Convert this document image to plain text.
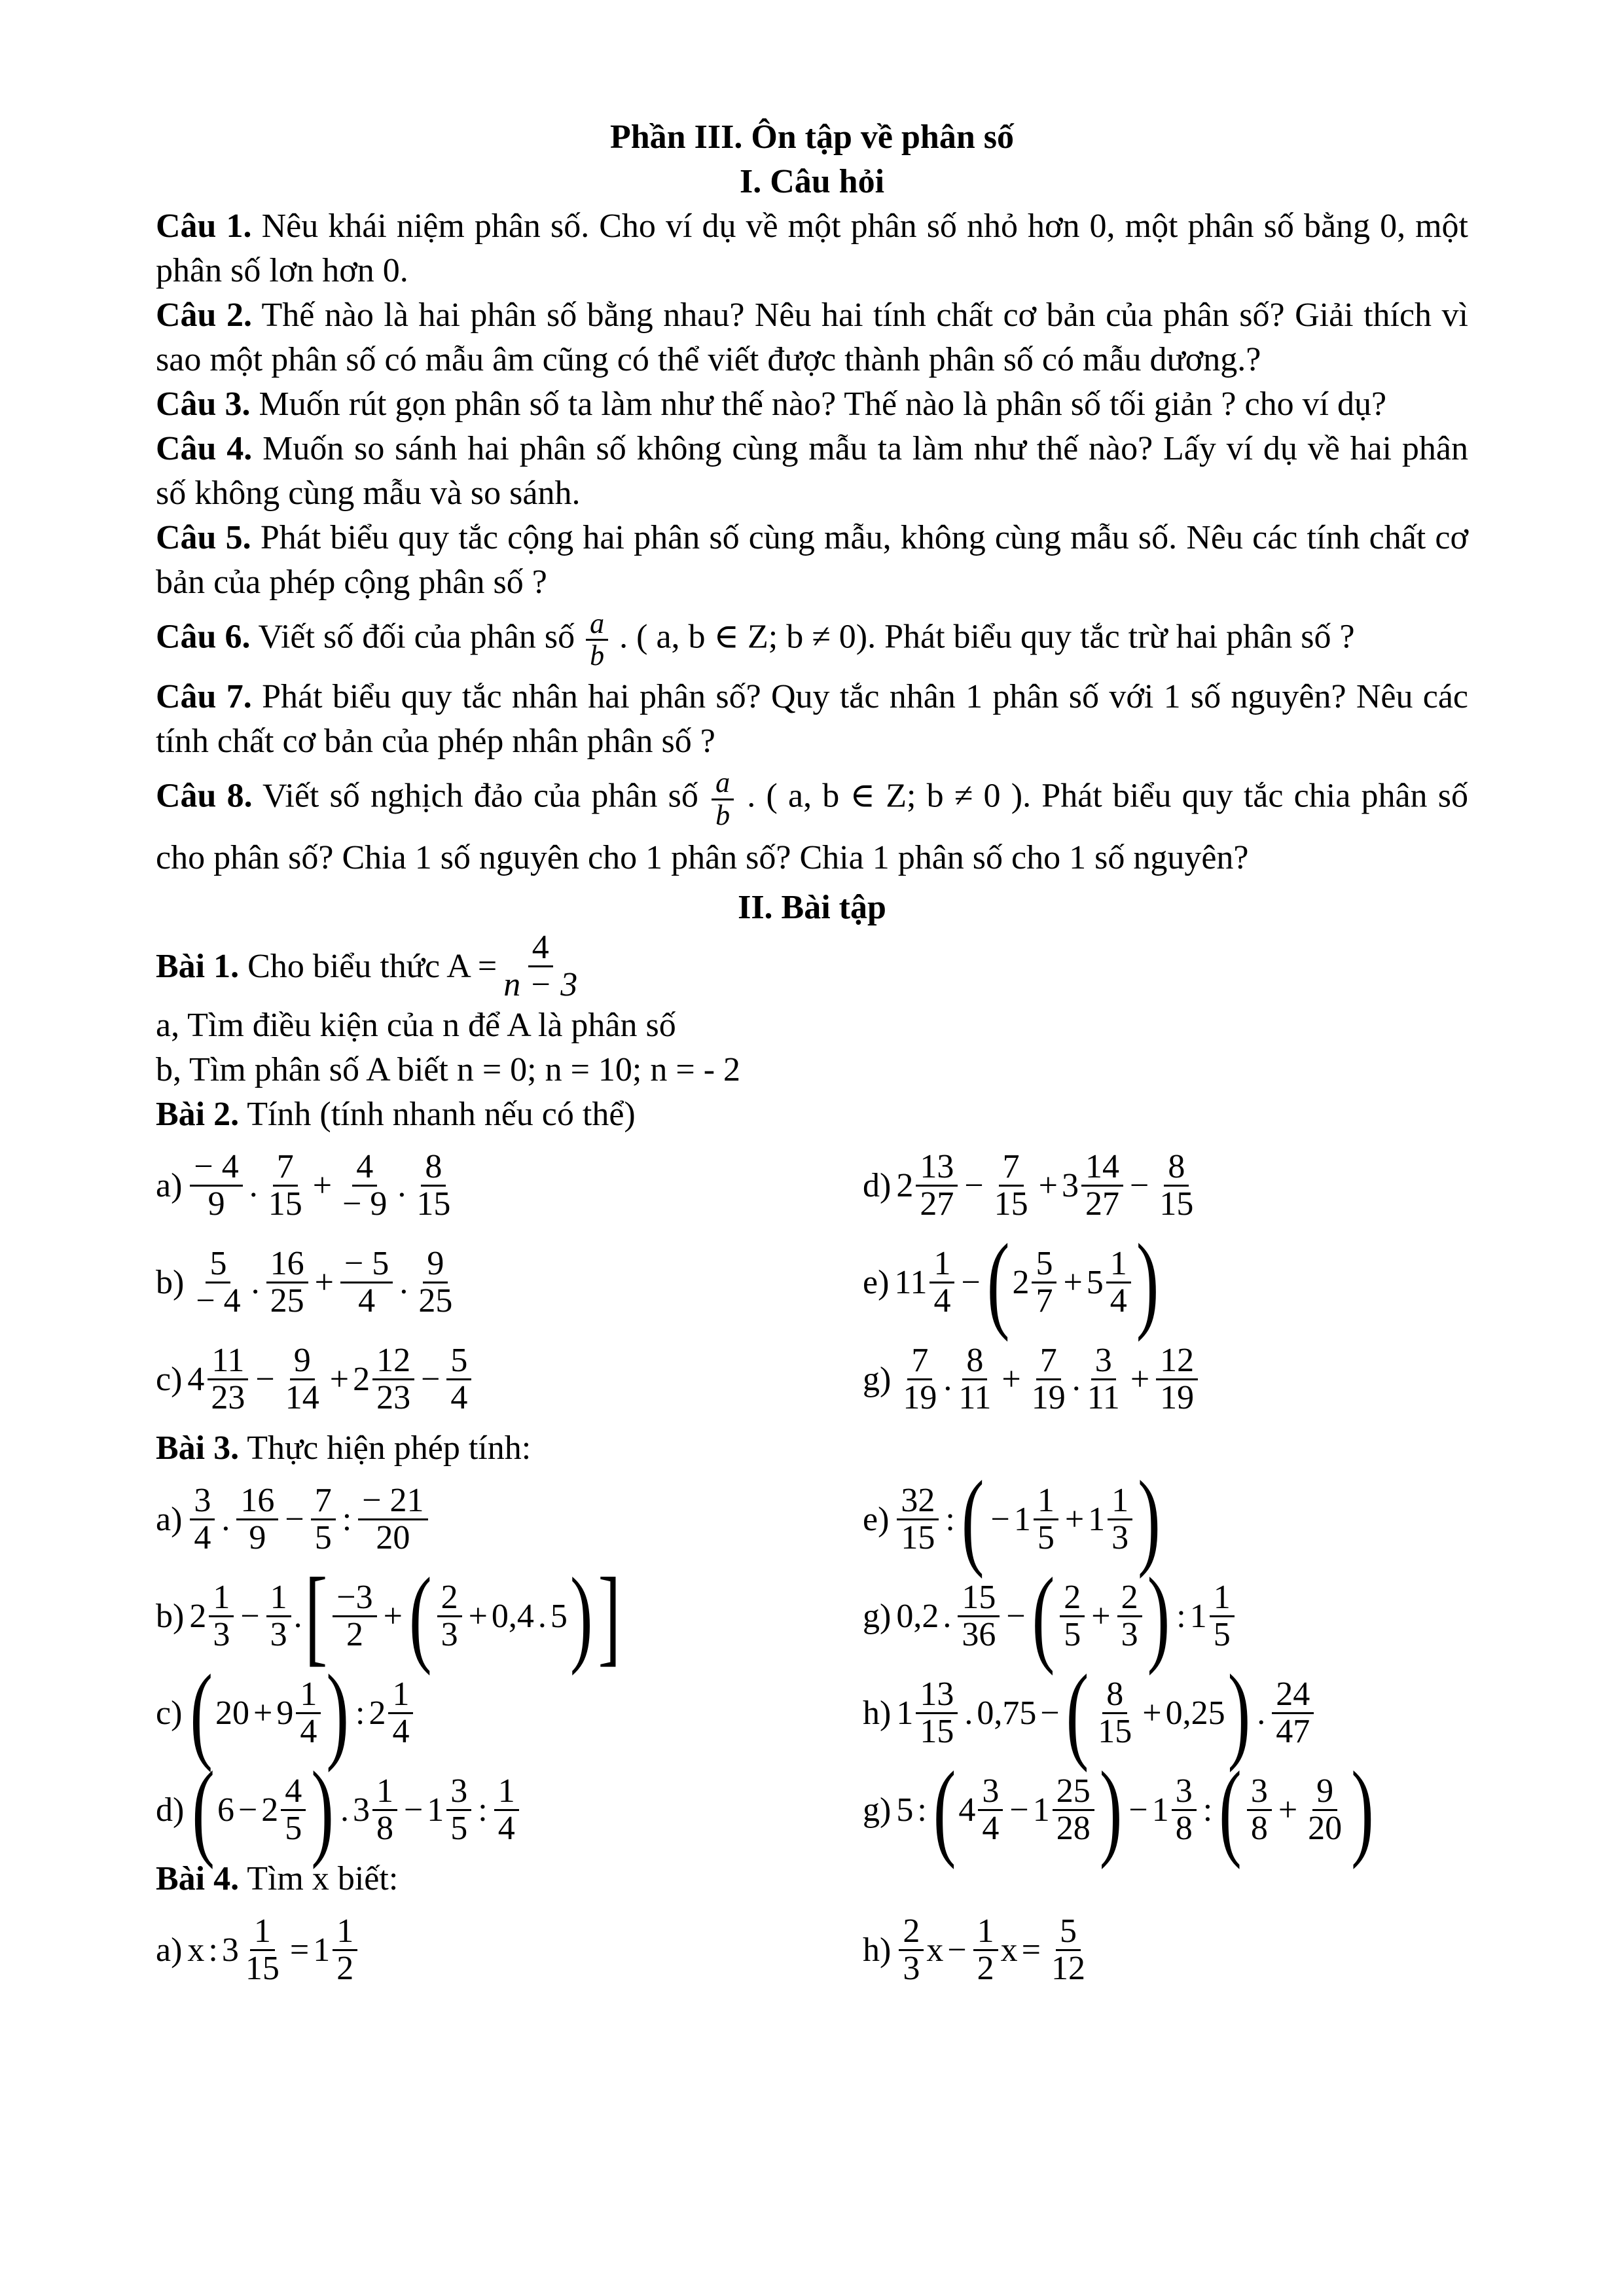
Phần III. Ôn tập về phân số
I. Câu hỏi

Câu 1. Nêu khái niệm phân số. Cho ví dụ về một phân số nhỏ hơn 0, một phân số bằng 0, một phân số lơn hơn 0.

Câu 2. Thế nào là hai phân số bằng nhau? Nêu hai tính chất cơ bản của phân số? Giải thích vì sao một phân số có mẫu âm cũng có thể viết được thành phân số có mẫu dương.?

Câu 3. Muốn rút gọn phân số ta làm như thế nào? Thế nào là phân số tối giản ? cho ví dụ?

Câu 4. Muốn so sánh hai phân số không cùng mẫu ta làm như thế nào? Lấy ví dụ về hai phân số không cùng mẫu và so sánh.

Câu 5. Phát biểu quy tắc cộng hai phân số cùng mẫu, không cùng mẫu số. Nêu các tính chất cơ bản của phép cộng phân số ?

Câu 6. Viết số đối của phân số $\frac{a}{b}$ . ( a, b ∈ Z; b ≠ 0). Phát biểu quy tắc trừ hai phân số ?

Câu 7. Phát biểu quy tắc nhân hai phân số? Quy tắc nhân 1 phân số với 1 số nguyên? Nêu các tính chất cơ bản của phép nhân phân số ?

Câu 8. Viết số nghịch đảo của phân số $\frac{a}{b}$ . ( a, b ∈ Z; b ≠ 0 ). Phát biểu quy tắc chia phân số cho phân số? Chia 1 số nguyên cho 1 phân số? Chia 1 phân số cho 1 số nguyên?

II. Bài tập

Bài 1.
Cho biểu thức $A = \frac{4}{n - 3}$

a, Tìm điều kiện của n để A là phân số

b, Tìm phân số A biết n = 0; n = 10; n = - 2

Bài 2. Tính (tính nhanh nếu có thể)

$a) \frac{- 4}{9}$ . $\frac{7}{15} + \frac{4}{- 9}$ . $\frac{8}{15}$	d) $2 \frac{13}{27} - \frac{7}{15} + 3 \frac{14}{27} - \frac{8}{15}$
$b) \frac{5}{- 4}$ . $\frac{16}{25} + \frac{- 5}{4}$ . $\frac{9}{25}$	e) $11 \frac{1}{4}$ − ( $2 \frac{5}{7} + 5 \frac{1}{4}$ )
c) $4 \frac{11}{23} - \frac{9}{14} + 2 \frac{12}{23} - \frac{5}{4}$	$g) \frac{7}{19}$ . $\frac{8}{11} + \frac{7}{19}$ . $\frac{3}{11} + \frac{12}{19}$

Bài 3. Thực hiện phép tính:

$a) \frac{3}{4}$ . $\frac{16}{9} - \frac{7}{5}$ : $\frac{- 21}{20}$	$e) \frac{32}{15}$ : ( − $1 \frac{1}{5} + 1 \frac{1}{3}$ )
b) $2 \frac{1}{3} - \frac{1}{3}$ . [ $\frac{-3}{2}$ + ( $\frac{2}{3} + 0,4$ . 5 ) ]	g) 0,2 . $\frac{15}{36}$ − ( $\frac{2}{5} + \frac{2}{3}$ ) : $1 \frac{1}{5}$
c) ( $20 + 9 \frac{1}{4}$ ) : $2 \frac{1}{4}$	h) $1 \frac{13}{15}$ . 0,75 − ( $\frac{8}{15} + 0,25$ ) . $\frac{24}{47}$
d) ( $6 - 2 \frac{4}{5}$ ) . $3 \frac{1}{8} - 1 \frac{3}{5}$ : $\frac{1}{4}$	g) 5 : ( $4 \frac{3}{4} - 1 \frac{25}{28}$ ) − $1 \frac{3}{8}$ : ( $\frac{3}{8} + \frac{9}{20}$ )

Bài 4. Tìm x biết:

a) x : $3 \frac{1}{15} = 1 \frac{1}{2}$	$h) \frac{2}{3}$ $x - \frac{1}{2}$ $x = \frac{5}{12}$
